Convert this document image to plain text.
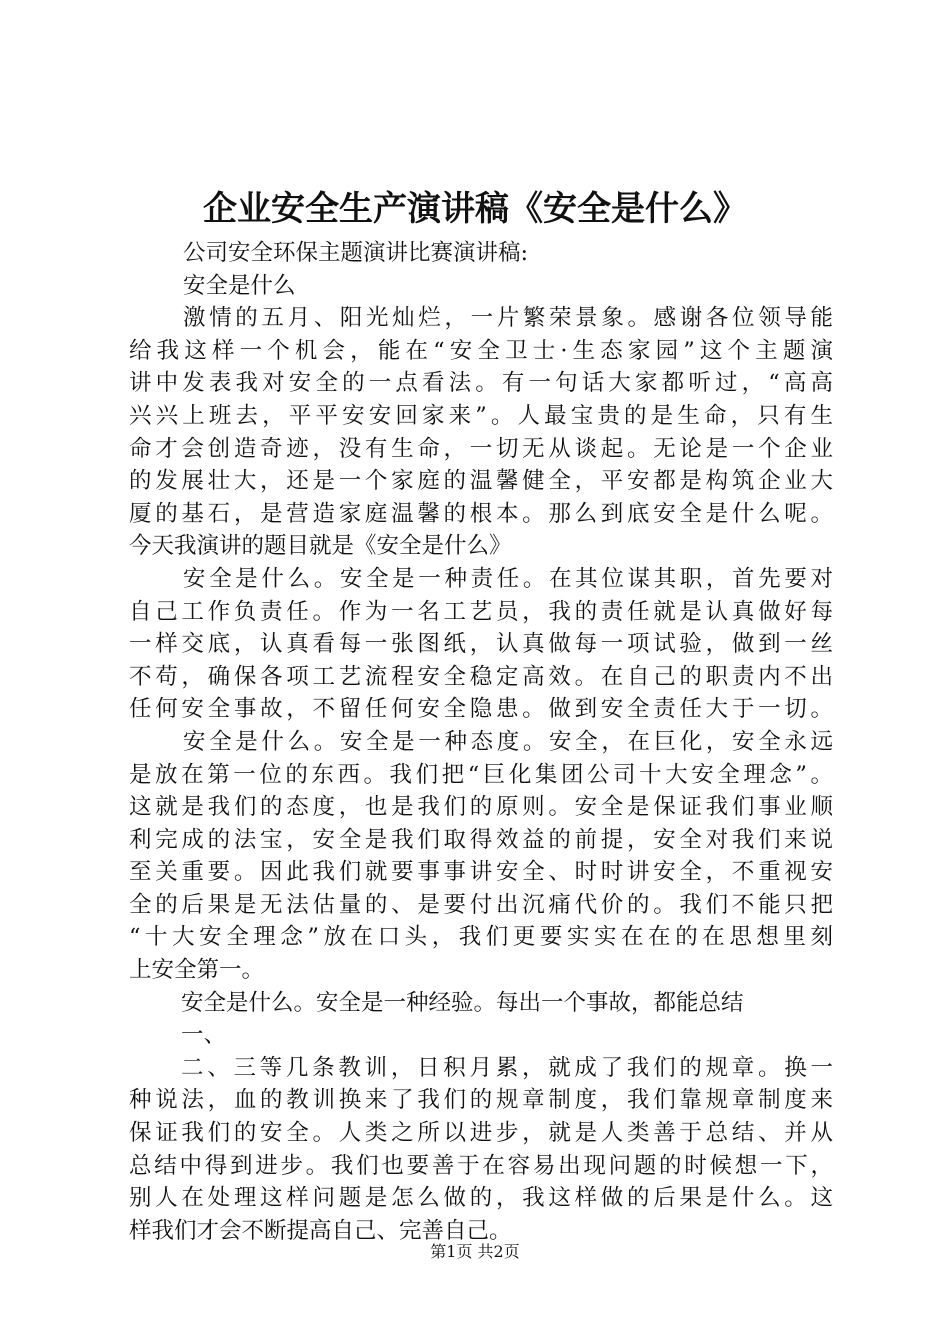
企业安全生产演讲稿《安全是什么》
公司安全环保主题演讲比赛演讲稿:
安全是什么
激情的五月、阳光灿烂，一片繁荣景象。感谢各位领导能
给我这样一个机会，能在“安全卫士·生态家园”这个主题演
讲中发表我对安全的一点看法。有一句话大家都听过，“高高
兴兴上班去，平平安安回家来”。人最宝贵的是生命，只有生
命才会创造奇迹，没有生命，一切无从谈起。无论是一个企业
的发展壮大，还是一个家庭的温馨健全，平安都是构筑企业大
厦的基石，是营造家庭温馨的根本。那么到底安全是什么呢。
今天我演讲的题目就是《安全是什么》
安全是什么。安全是一种责任。在其位谋其职，首先要对
自己工作负责任。作为一名工艺员，我的责任就是认真做好每
一样交底，认真看每一张图纸，认真做每一项试验，做到一丝
不苟，确保各项工艺流程安全稳定高效。在自己的职责内不出
任何安全事故，不留任何安全隐患。做到安全责任大于一切。
安全是什么。安全是一种态度。安全，在巨化，安全永远
是放在第一位的东西。我们把“巨化集团公司十大安全理念”。
这就是我们的态度，也是我们的原则。安全是保证我们事业顺
利完成的法宝，安全是我们取得效益的前提，安全对我们来说
至关重要。因此我们就要事事讲安全、时时讲安全，不重视安
全的后果是无法估量的、是要付出沉痛代价的。我们不能只把
“十大安全理念”放在口头，我们更要实实在在的在思想里刻
上安全第一。
安全是什么。安全是一种经验。每出一个事故，都能总结
一、
二、三等几条教训，日积月累，就成了我们的规章。换一
种说法，血的教训换来了我们的规章制度，我们靠规章制度来
保证我们的安全。人类之所以进步，就是人类善于总结、并从
总结中得到进步。我们也要善于在容易出现问题的时候想一下，
别人在处理这样问题是怎么做的，我这样做的后果是什么。这
样我们才会不断提高自己、完善自己。
第1页 共2页
